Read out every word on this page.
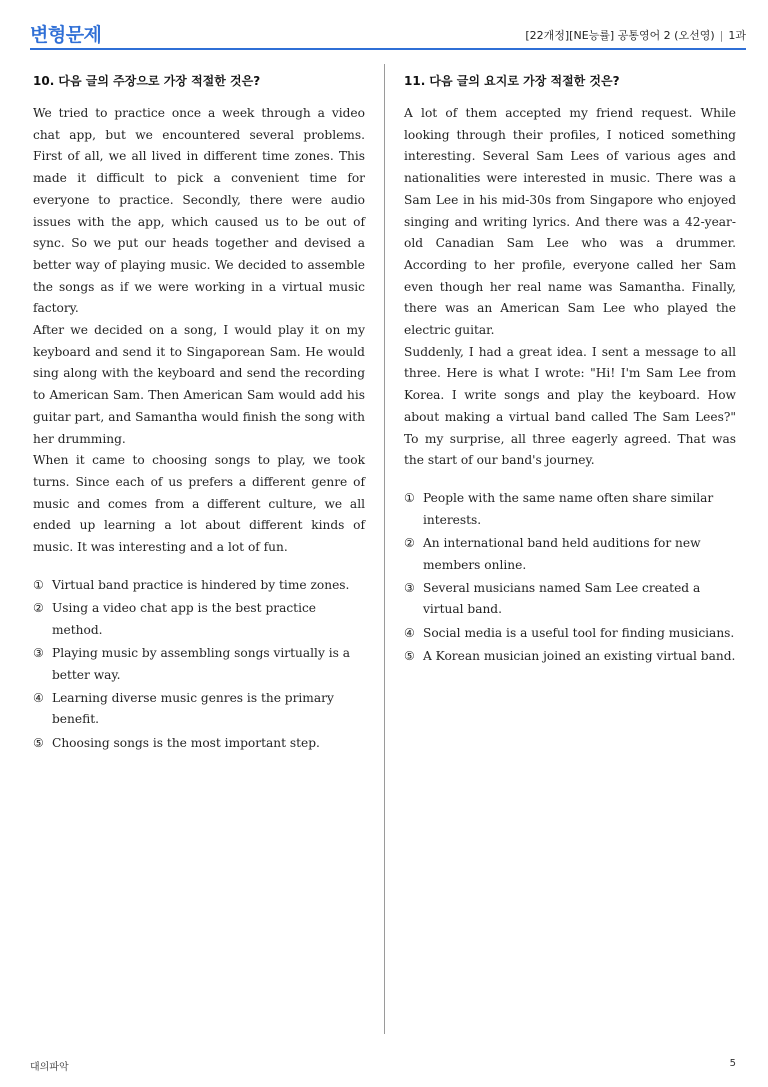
변형문제	[22개정][NE능률] 공통영어 2 (오선영) | 1과
10. 다음 글의 주장으로 가장 적절한 것은?

We tried to practice once a week through a video chat app, but we encountered several problems. First of all, we all lived in different time zones. This made it difficult to pick a convenient time for everyone to practice. Secondly, there were audio issues with the app, which caused us to be out of sync. So we put our heads together and devised a better way of playing music. We decided to assemble the songs as if we were working in a virtual music factory.

After we decided on a song, I would play it on my keyboard and send it to Singaporean Sam. He would sing along with the keyboard and send the recording to American Sam. Then American Sam would add his guitar part, and Samantha would finish the song with her drumming.

When it came to choosing songs to play, we took turns. Since each of us prefers a different genre of music and comes from a different culture, we all ended up learning a lot about different kinds of music. It was interesting and a lot of fun.

① Virtual band practice is hindered by time zones.
② Using a video chat app is the best practice method.
③ Playing music by assembling songs virtually is a better way.
④ Learning diverse music genres is the primary benefit.
⑤ Choosing songs is the most important step.
11. 다음 글의 요지로 가장 적절한 것은?

A lot of them accepted my friend request. While looking through their profiles, I noticed something interesting. Several Sam Lees of various ages and nationalities were interested in music. There was a Sam Lee in his mid-30s from Singapore who enjoyed singing and writing lyrics. And there was a 42-year-old Canadian Sam Lee who was a drummer. According to her profile, everyone called her Sam even though her real name was Samantha. Finally, there was an American Sam Lee who played the electric guitar.

Suddenly, I had a great idea. I sent a message to all three. Here is what I wrote: "Hi! I'm Sam Lee from Korea. I write songs and play the keyboard. How about making a virtual band called The Sam Lees?" To my surprise, all three eagerly agreed. That was the start of our band's journey.

① People with the same name often share similar interests.
② An international band held auditions for new members online.
③ Several musicians named Sam Lee created a virtual band.
④ Social media is a useful tool for finding musicians.
⑤ A Korean musician joined an existing virtual band.
대의파악	5
